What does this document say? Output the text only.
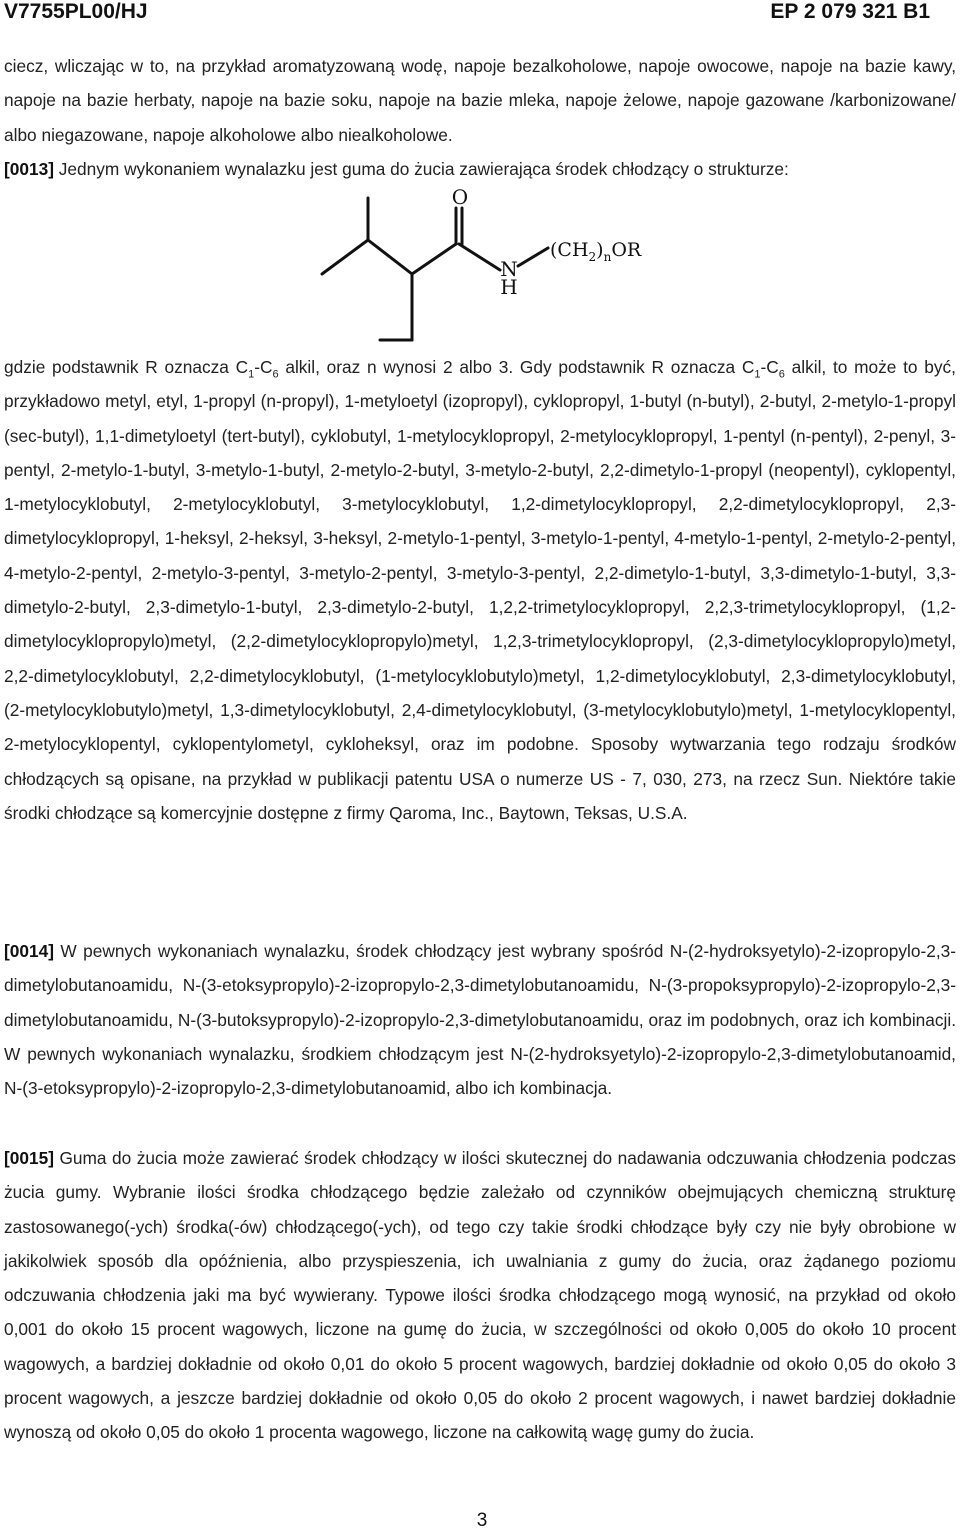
V7755PL00/HJ	EP 2 079 321 B1

ciecz, wliczając w to, na przykład aromatyzowaną wodę, napoje bezalkoholowe, napoje owocowe, napoje na bazie kawy, napoje na bazie herbaty, napoje na bazie soku, napoje na bazie mleka, napoje żelowe, napoje gazowane /karbonizowane/ albo niegazowane, napoje alkoholowe albo niealkoholowe.

[0013] Jednym wykonaniem wynalazku jest guma do żucia zawierająca środek chłodzący o strukturze:

O
N
H
$(CH_2)_nOR$

gdzie podstawnik R oznacza $C_1-C_6$ alkil, oraz n wynosi 2 albo 3. Gdy podstawnik R oznacza $C_1-C_6$ alkil, to może to być, przykładowo metyl, etyl, 1-propyl (n-propyl), 1-metyloetyl (izopropyl), cyklopropyl, 1-butyl (n-butyl), 2-butyl, 2-metylo-1-propyl (sec-butyl), 1,1-dimetyloetyl (tert-butyl), cyklobutyl, 1-metylocyklopropyl, 2-metylocyklopropyl, 1-pentyl (n-pentyl), 2-penyl, 3-pentyl, 2-metylo-1-butyl, 3-metylo-1-butyl, 2-metylo-2-butyl, 3-metylo-2-butyl, 2,2-dimetylo-1-propyl (neopentyl), cyklopentyl, 1-metylocyklobutyl, 2-metylocyklobutyl, 3-metylocyklobutyl, 1,2-dimetylocyklopropyl, 2,2-dimetylocyklopropyl, 2,3-dimetylocyklopropyl, 1-heksyl, 2-heksyl, 3-heksyl, 2-metylo-1-pentyl, 3-metylo-1-pentyl, 4-metylo-1-pentyl, 2-metylo-2-pentyl, 4-metylo-2-pentyl, 2-metylo-3-pentyl, 3-metylo-2-pentyl, 3-metylo-3-pentyl, 2,2-dimetylo-1-butyl, 3,3-dimetylo-1-butyl, 3,3-dimetylo-2-butyl, 2,3-dimetylo-1-butyl, 2,3-dimetylo-2-butyl, 1,2,2-trimetylocyklopropyl, 2,2,3-trimetylocyklopropyl, (1,2-dimetylocyklopropylo)metyl, (2,2-dimetylocyklopropylo)metyl, 1,2,3-trimetylocyklopropyl, (2,3-dimetylocyklopropylo)metyl, 2,2-dimetylocyklobutyl, 2,2-dimetylocyklobutyl, (1-metylocyklobutylo)metyl, 1,2-dimetylocyklobutyl, 2,3-dimetylocyklobutyl, (2-metylocyklobutylo)metyl, 1,3-dimetylocyklobutyl, 2,4-dimetylocyklobutyl, (3-metylocyklobutylo)metyl, 1-metylocyklopentyl, 2-metylocyklopentyl, cyklopentylometyl, cykloheksyl, oraz im podobne. Sposoby wytwarzania tego rodzaju środków chłodzących są opisane, na przykład w publikacji patentu USA o numerze US - 7, 030, 273, na rzecz Sun. Niektóre takie środki chłodzące są komercyjnie dostępne z firmy Qaroma, Inc., Baytown, Teksas, U.S.A.

[0014] W pewnych wykonaniach wynalazku, środek chłodzący jest wybrany spośród N-(2-hydroksyetylo)-2-izopropylo-2,3-dimetylobutanoamidu, N-(3-etoksypropylo)-2-izopropylo-2,3-dimetylobutanoamidu, N-(3-propoksypropylo)-2-izopropylo-2,3-dimetylobutanoamidu, N-(3-butoksypropylo)-2-izopropylo-2,3-dimetylobutanoamidu, oraz im podobnych, oraz ich kombinacji. W pewnych wykonaniach wynalazku, środkiem chłodzącym jest N-(2-hydroksyetylo)-2-izopropylo-2,3-dimetylobutanoamid, N-(3-etoksypropylo)-2-izopropylo-2,3-dimetylobutanoamid, albo ich kombinacja.

[0015] Guma do żucia może zawierać środek chłodzący w ilości skutecznej do nadawania odczuwania chłodzenia podczas żucia gumy. Wybranie ilości środka chłodzącego będzie zależało od czynników obejmujących chemiczną strukturę zastosowanego(-ych) środka(-ów) chłodzącego(-ych), od tego czy takie środki chłodzące były czy nie były obrobione w jakikolwiek sposób dla opóźnienia, albo przyspieszenia, ich uwalniania z gumy do żucia, oraz żądanego poziomu odczuwania chłodzenia jaki ma być wywierany. Typowe ilości środka chłodzącego mogą wynosić, na przykład od około 0,001 do około 15 procent wagowych, liczone na gumę do żucia, w szczególności od około 0,005 do około 10 procent wagowych, a bardziej dokładnie od około 0,01 do około 5 procent wagowych, bardziej dokładnie od około 0,05 do około 3 procent wagowych, a jeszcze bardziej dokładnie od około 0,05 do około 2 procent wagowych, i nawet bardziej dokładnie wynoszą od około 0,05 do około 1 procenta wagowego, liczone na całkowitą wagę gumy do żucia.

3
